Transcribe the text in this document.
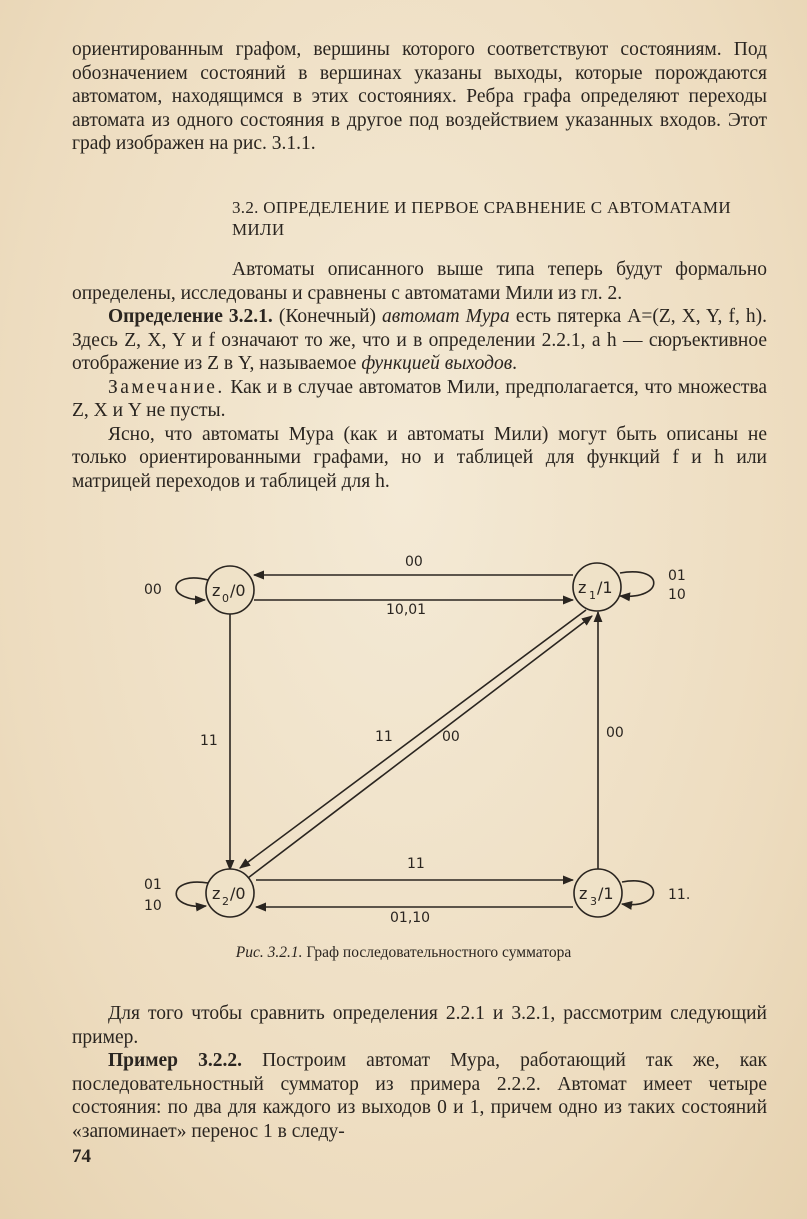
ориентированным графом, вершины которого соответствуют состояниям. Под обозначением состояний в вершинах указаны выходы, которые порождаются автоматом, находящимся в этих состояниях. Ребра графа определяют переходы автомата из одного состояния в другое под воздействием указанных входов. Этот граф изображен на рис. 3.1.1.

3.2. ОПРЕДЕЛЕНИЕ И ПЕРВОЕ СРАВНЕНИЕ С АВТОМАТАМИ МИЛИ

Автоматы описанного выше типа теперь будут формально определены, исследованы и сравнены с автоматами Мили из гл. 2.

Определение 3.2.1. (Конечный) автомат Мура есть пятерка A=(Z, X, Y, f, h). Здесь Z, X, Y и f означают то же, что и в определении 2.2.1, а h — сюръективное отображение из Z в Y, называемое функцией выходов.

Замечание. Как и в случае автоматов Мили, предполагается, что множества Z, X и Y не пусты.

Ясно, что автоматы Мура (как и автоматы Мили) могут быть описаны не только ориентированными графами, но и таблицей для функций f и h или матрицей переходов и таблицей для h.

z 0 /0	z 1 /1
z 2 /0	z 3 /1
00
10,01
00
01
10
11	11	00	00
11
01,10
01
10
11.
Рис. 3.2.1. Граф последовательностного сумматора

Для того чтобы сравнить определения 2.2.1 и 3.2.1, рассмотрим следующий пример.

Пример 3.2.2. Построим автомат Мура, работающий так же, как последовательностный сумматор из примера 2.2.2. Автомат имеет четыре состояния: по два для каждого из выходов 0 и 1, причем одно из таких состояний «запоминает» перенос 1 в следу-

74
